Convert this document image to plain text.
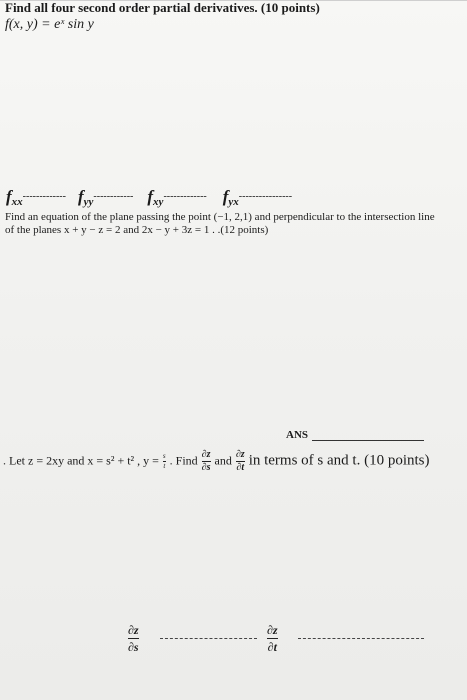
Find all four second order partial derivatives. (10 points)
f(x, y) = eˣ sin y
$f_{xx}-------------$ $f_{yy}------------$ $f_{xy}-------------$ $f_{yx}----------------$
Find an equation of the plane passing the point (−1, 2,1) and perpendicular to the intersection line
of the planes x + y − z = 2 and 2x − y + 3z = 1 . .(12 points)
ANS
. Let z = 2xy and x = s² + t² , $y = \frac{s}{t}$ . Find $\frac{\partial z}{\partial s}$ and $\frac{\partial z}{\partial t}$ in terms of s and t. (10 points)
∂z
∂s
∂z
∂t
